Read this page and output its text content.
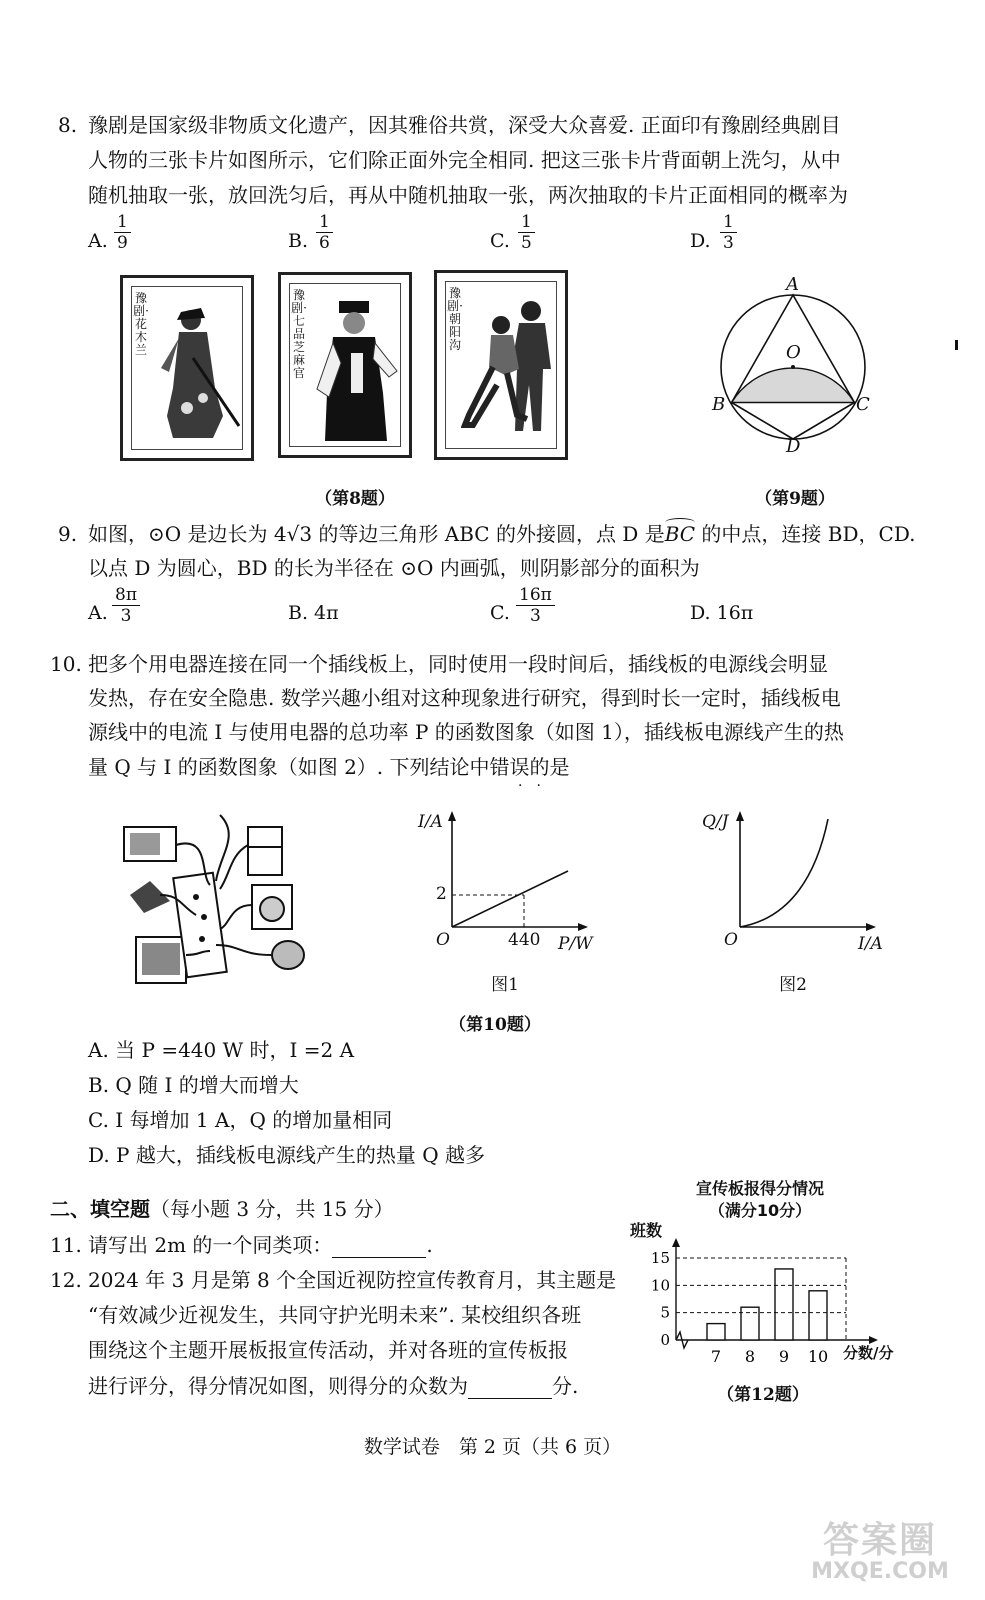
8. 豫剧是国家级非物质文化遗产，因其雅俗共赏，深受大众喜爱. 正面印有豫剧经典剧目
人物的三张卡片如图所示，它们除正面外完全相同. 把这三张卡片背面朝上洗匀，从中
随机抽取一张，放回洗匀后，再从中随机抽取一张，两次抽取的卡片正面相同的概率为
A. $\frac{1}{9}$	B. $\frac{1}{6}$	C. $\frac{1}{5}$	D. $\frac{1}{3}$
豫剧·花木兰
豫剧·七品芝麻官
豫剧·朝阳沟
（第8题）
A
O
B	C
D
（第9题）
9. 如图，⊙O 是边长为 4√3 的等边三角形 ABC 的外接圆，点 D 是
BC 的中点，连接 BD，CD.
以点 D 为圆心，BD 的长为半径在 ⊙O 内画弧，则阴影部分的面积为
A. $\frac{8\pi}{3}$	B. 4π	C. $\frac{16\pi}{3}$	D. 16π
10. 把多个用电器连接在同一个插线板上，同时使用一段时间后，插线板的电源线会明显
发热，存在安全隐患. 数学兴趣小组对这种现象进行研究，得到时长一定时，插线板电
源线中的电流 I 与使用电器的总功率 P 的函数图象（如图 1），插线板电源线产生的热
量 Q 与 I 的函数图象（如图 2）. 下列结论中错误的是
··
I/A
2
O	440 P/W
图1
Q/J
O	I/A
图2
（第10题）
A. 当 P =440 W 时，I =2 A
B. Q 随 I 的增大而增大
C. I 每增加 1 A，Q 的增加量相同
D. P 越大，插线板电源线产生的热量 Q 越多
二、填空题（每小题 3 分，共 15 分）
11. 请写出 2m 的一个同类项：	.
12. 2024 年 3 月是第 8 个全国近视防控宣传教育月，其主题是
“有效减少近视发生，共同守护光明未来”. 某校组织各班
围绕这个主题开展板报宣传活动，并对各班的宣传板报
进行评分，得分情况如图，则得分的众数为	分.
宣传板报得分情况
（满分10分）
班数
分数/分
0
5
10
15
7 8 9 10
（第12题）
数学试卷　第 2 页（共 6 页）
答案圈
MXQE.COM
